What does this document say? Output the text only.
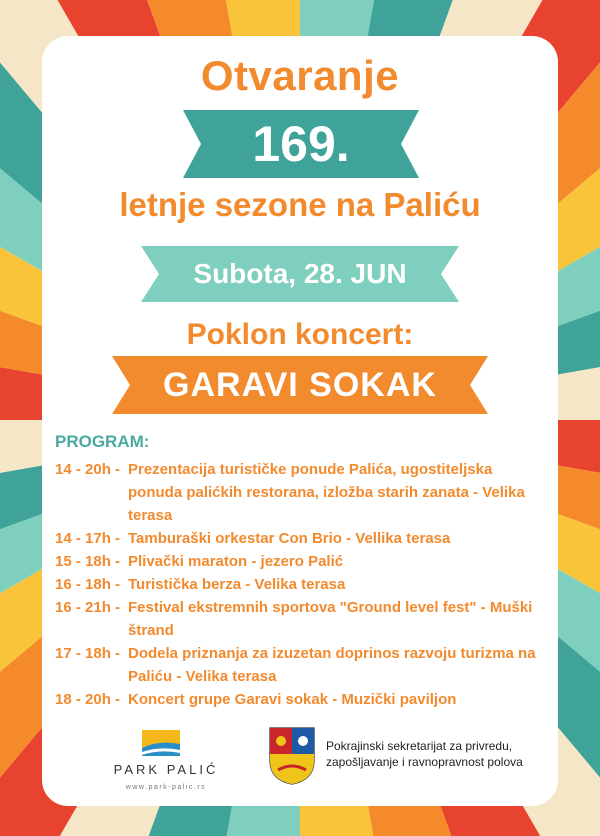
Otvaranje
169.
letnje sezone na Paliću
Subota, 28. JUN
Poklon koncert:
GARAVI SOKAK
PROGRAM:
14 - 20h - Prezentacija turističke ponude Palića, ugostiteljska ponuda palićkih restorana, izložba starih zanata - Velika terasa
14 - 17h - Tamburaški orkestar Con Brio - Vellika terasa
15 - 18h - Plivački maraton - jezero Palić
16 - 18h - Turistička berza - Velika terasa
16 - 21h - Festival ekstremnih sportova "Ground level fest" - Muški štrand
17 - 18h - Dodela priznanja za izuzetan doprinos razvoju turizma na Paliću - Velika terasa
18 - 20h - Koncert grupe Garavi sokak - Muzički paviljon
PARK PALIĆ
www.park-palic.rs
Pokrajinski sekretarijat za privredu, zapošljavanje i ravnopravnost polova
